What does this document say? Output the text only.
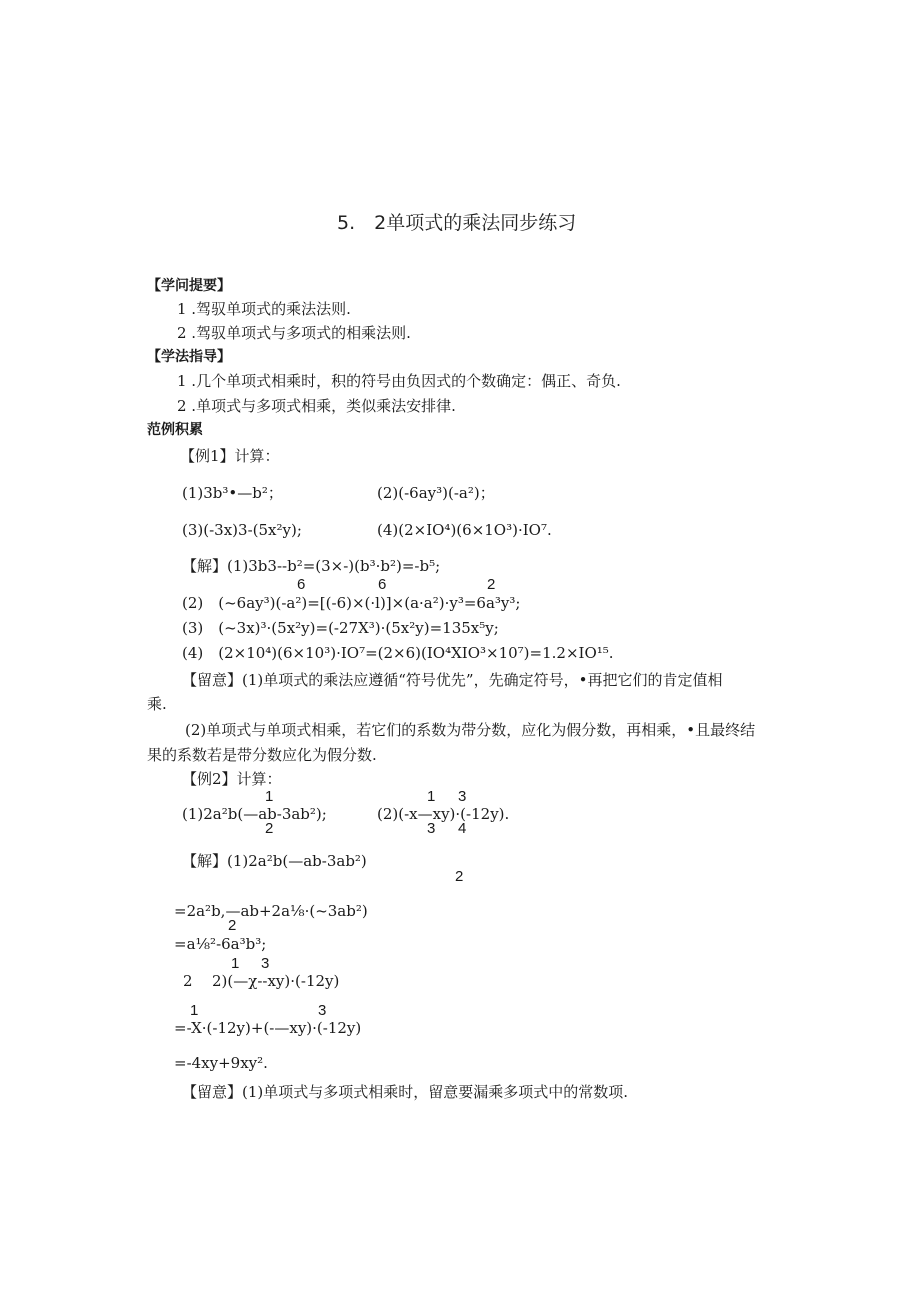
5.　2单项式的乘法同步练习
【学问提要】
1 .驾驭单项式的乘法法则.
2 .驾驭单项式与多项式的相乘法则.
【学法指导】
1 .几个单项式相乘时，积的符号由负因式的个数确定：偶正、奇负.
2 .单项式与多项式相乘，类似乘法安排律.
范例积累
【例1】计算：
(1)3b³•—b²；	(2)(-6ay³)(-a²)；
(3)(-3x)3-(5x²y);	(4)(2×IO⁴)(6×1O³)·IO⁷.
【解】(1)3b3--b²=(3×-)(b³·b²)=-b⁵;
6	6	2
(2)　(~6ay³)(-a²)=[(-6)×(·l)]×(a·a²)·y³=6a³y³;
(3)　(~3x)³·(5x²y)=(-27X³)·(5x²y)=135x⁵y;
(4)　(2×10⁴)(6×10³)·IO⁷=(2×6)(IO⁴XIO³×10⁷)=1.2×IO¹⁵.
【留意】(1)单项式的乘法应遵循“符号优先”，先确定符号，•再把它们的肯定值相
乘.
(2)单项式与单项式相乘，若它们的系数为带分数，应化为假分数，再相乘，•且最终结
果的系数若是带分数应化为假分数.
【例2】计算：
1	1 3
(1)2a²b(—ab-3ab²);	(2)(-x—xy)·(-12y).
2	3 4
【解】(1)2a²b(—ab-3ab²)
2
=2a²b,—ab+2a⅛·(~3ab²)
2
=a⅛²-6a³b³;
1 3
2 2)(—χ--xy)·(-12y)
1	3
=-X·(-12y)+(-—xy)·(-12y)
=-4xy+9xy².
【留意】(1)单项式与多项式相乘时，留意要漏乘多项式中的常数项.
